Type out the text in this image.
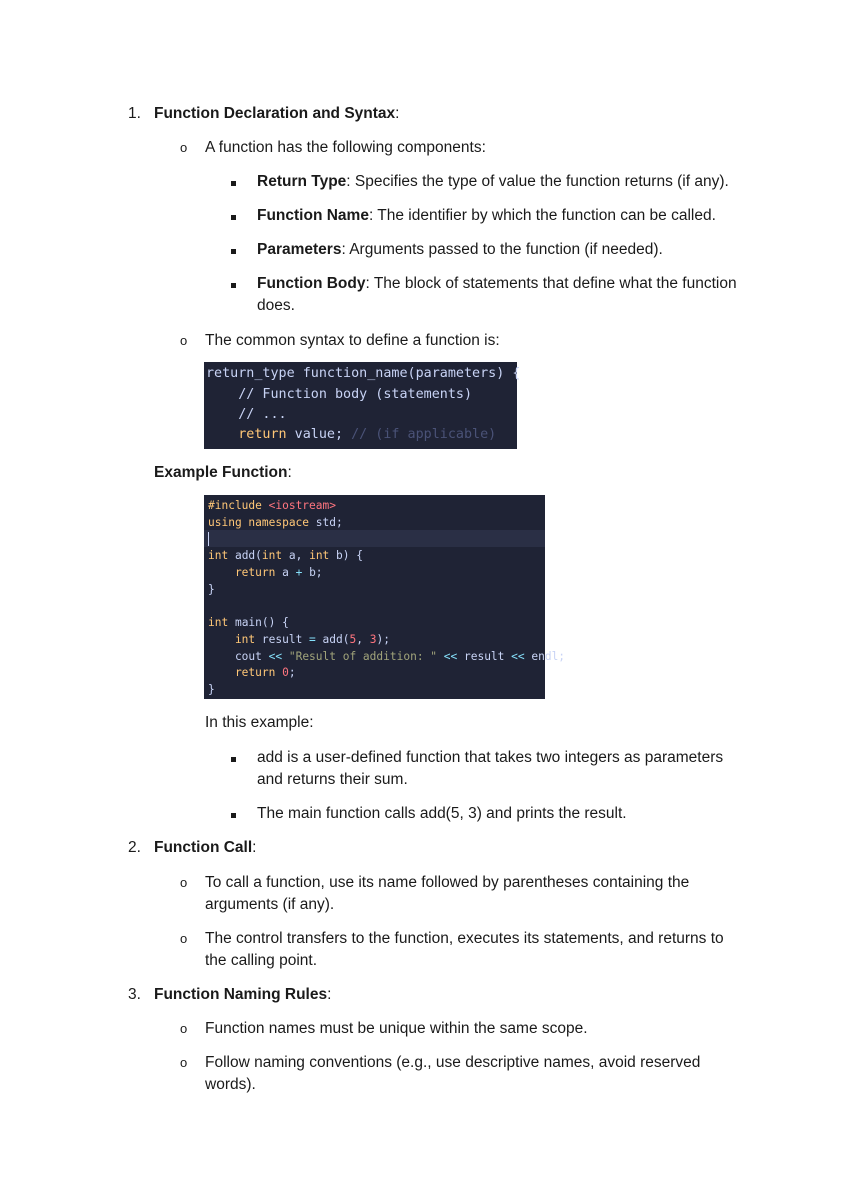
1. Function Declaration and Syntax:
o A function has the following components:
Return Type: Specifies the type of value the function returns (if any).
Function Name: The identifier by which the function can be called.
Parameters: Arguments passed to the function (if needed).
Function Body: The block of statements that define what the function
does.
o The common syntax to define a function is:
return_type function_name(parameters) {
// Function body (statements)
// ...
return value; // (if applicable)
Example Function:
#include <iostream>
using namespace std;
int add(int a, int b) {
return a + b;
}
int main() {
int result = add(5, 3);
cout << "Result of addition: " << result << endl;
return 0;
}
In this example:
add is a user-defined function that takes two integers as parameters
and returns their sum.
The main function calls add(5, 3) and prints the result.
2. Function Call:
o To call a function, use its name followed by parentheses containing the
arguments (if any).
o The control transfers to the function, executes its statements, and returns to
the calling point.
3. Function Naming Rules:
o Function names must be unique within the same scope.
o Follow naming conventions (e.g., use descriptive names, avoid reserved
words).
